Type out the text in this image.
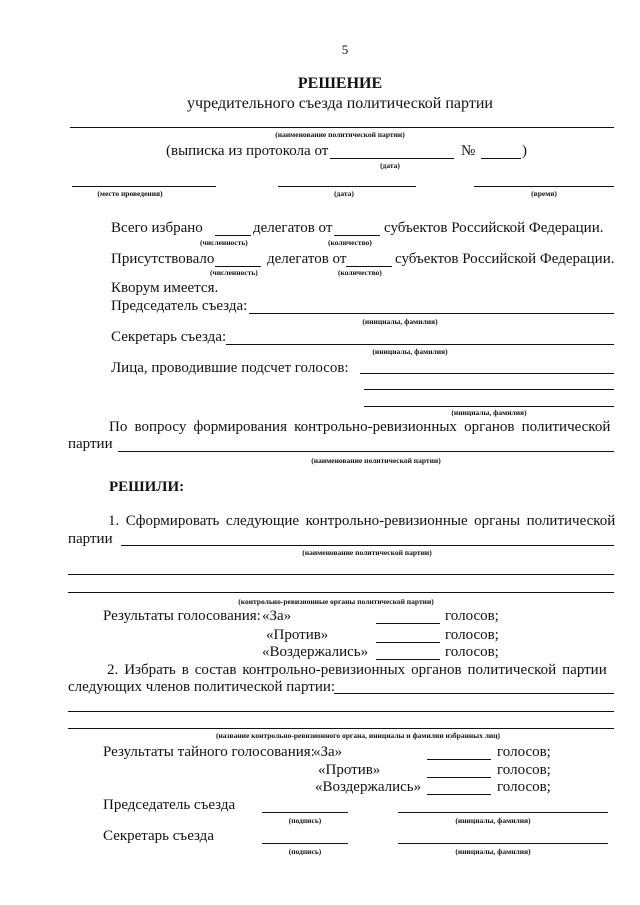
5
РЕШЕНИЕ
учредительного съезда политической партии
(наименование политической партии)
(выписка из протокола от	№	)
(дата)
(место проведения)	(дата)	(время)
Всего избрано	делегатов от	субъектов Российской Федерации.
(численность)	(количество)
Присутствовало	делегатов от	субъектов Российской Федерации.
(численность)	(количество)
Кворум имеется.
Председатель съезда:
(инициалы, фамилия)
Секретарь съезда:
(инициалы, фамилия)
Лица, проводившие подсчет голосов:
(инициалы, фамилия)
По вопросу формирования контрольно-ревизионных органов политической
партии
(наименование политической партии)
РЕШИЛИ:
1. Сформировать следующие контрольно-ревизионные органы политической
партии
(наименование политической партии)
(контрольно-ревизионные органы политической партии)
Результаты голосования: «За»	голосов;
«Против»	голосов;
«Воздержались»	голосов;
2. Избрать в состав контрольно-ревизионных органов политической партии
следующих членов политической партии:
(название контрольно-ревизионного органа, инициалы и фамилии избранных лиц)
Результаты тайного голосования:
«За»	голосов;
«Против»	голосов;
«Воздержались»	голосов;
Председатель съезда
(подпись)	(инициалы, фамилия)
Секретарь съезда
(подпись)	(инициалы, фамилия)
